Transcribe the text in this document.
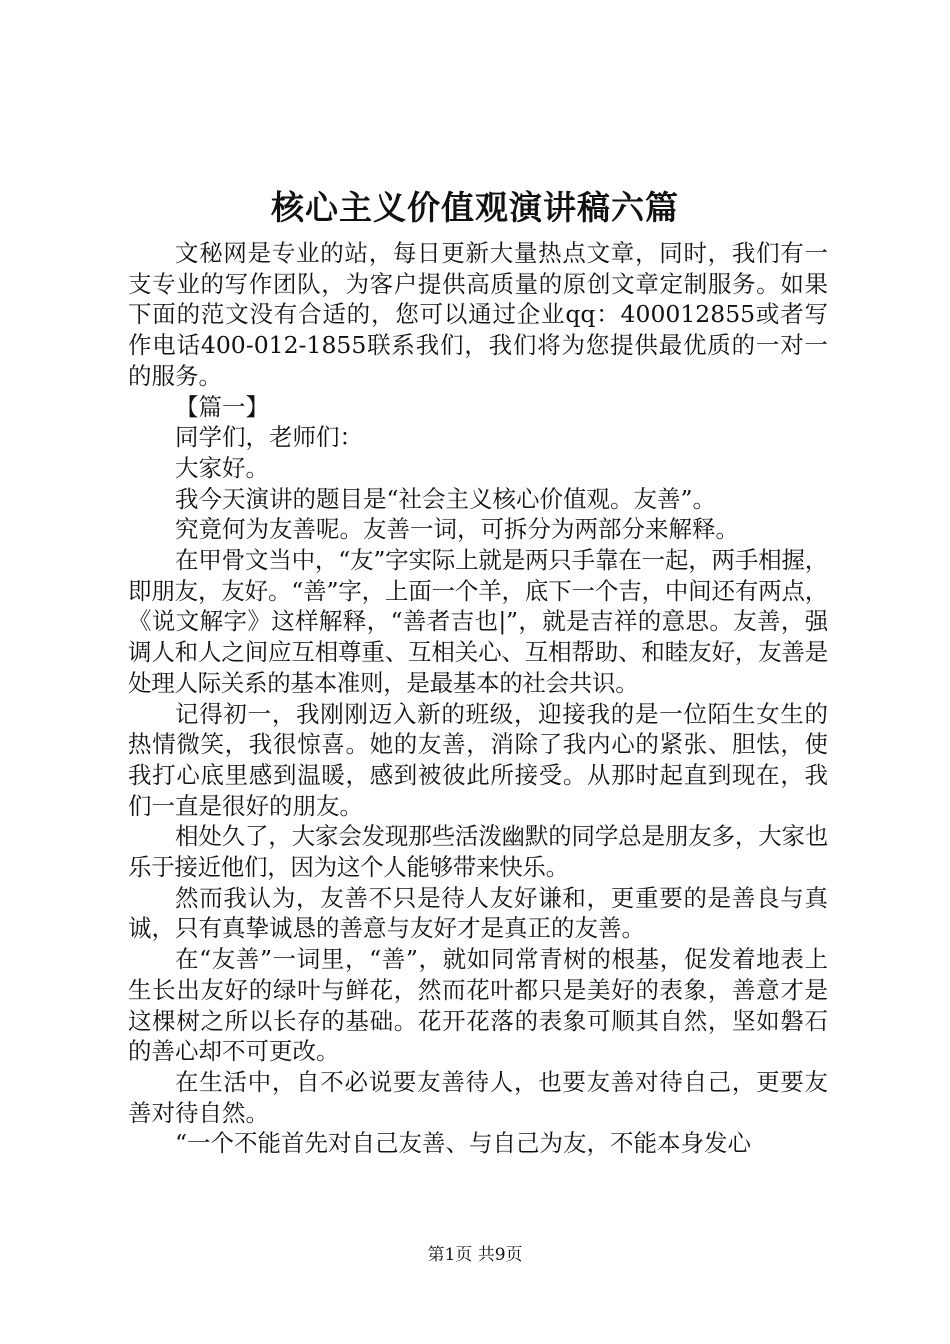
核心主义价值观演讲稿六篇

文秘网是专业的站，每日更新大量热点文章，同时，我们有一支专业的写作团队，为客户提供高质量的原创文章定制服务。如果下面的范文没有合适的，您可以通过企业qq：400012855或者写作电话400-012-1855联系我们，我们将为您提供最优质的一对一的服务。

【篇一】

同学们，老师们：

大家好。

我今天演讲的题目是“社会主义核心价值观。友善”。

究竟何为友善呢。友善一词，可拆分为两部分来解释。

在甲骨文当中，“友”字实际上就是两只手靠在一起，两手相握，即朋友，友好。“善”字，上面一个羊，底下一个吉，中间还有两点，《说文解字》这样解释，“善者吉也|”，就是吉祥的意思。友善，强调人和人之间应互相尊重、互相关心、互相帮助、和睦友好，友善是处理人际关系的基本准则，是最基本的社会共识。

记得初一，我刚刚迈入新的班级，迎接我的是一位陌生女生的热情微笑，我很惊喜。她的友善，消除了我内心的紧张、胆怯，使我打心底里感到温暖，感到被彼此所接受。从那时起直到现在，我们一直是很好的朋友。

相处久了，大家会发现那些活泼幽默的同学总是朋友多，大家也乐于接近他们，因为这个人能够带来快乐。

然而我认为，友善不只是待人友好谦和，更重要的是善良与真诚，只有真挚诚恳的善意与友好才是真正的友善。

在“友善”一词里，“善”，就如同常青树的根基，促发着地表上生长出友好的绿叶与鲜花，然而花叶都只是美好的表象，善意才是这棵树之所以长存的基础。花开花落的表象可顺其自然，坚如磐石的善心却不可更改。

在生活中，自不必说要友善待人，也要友善对待自己，更要友善对待自然。

“一个不能首先对自己友善、与自己为友，不能本身发心

第1页 共9页
